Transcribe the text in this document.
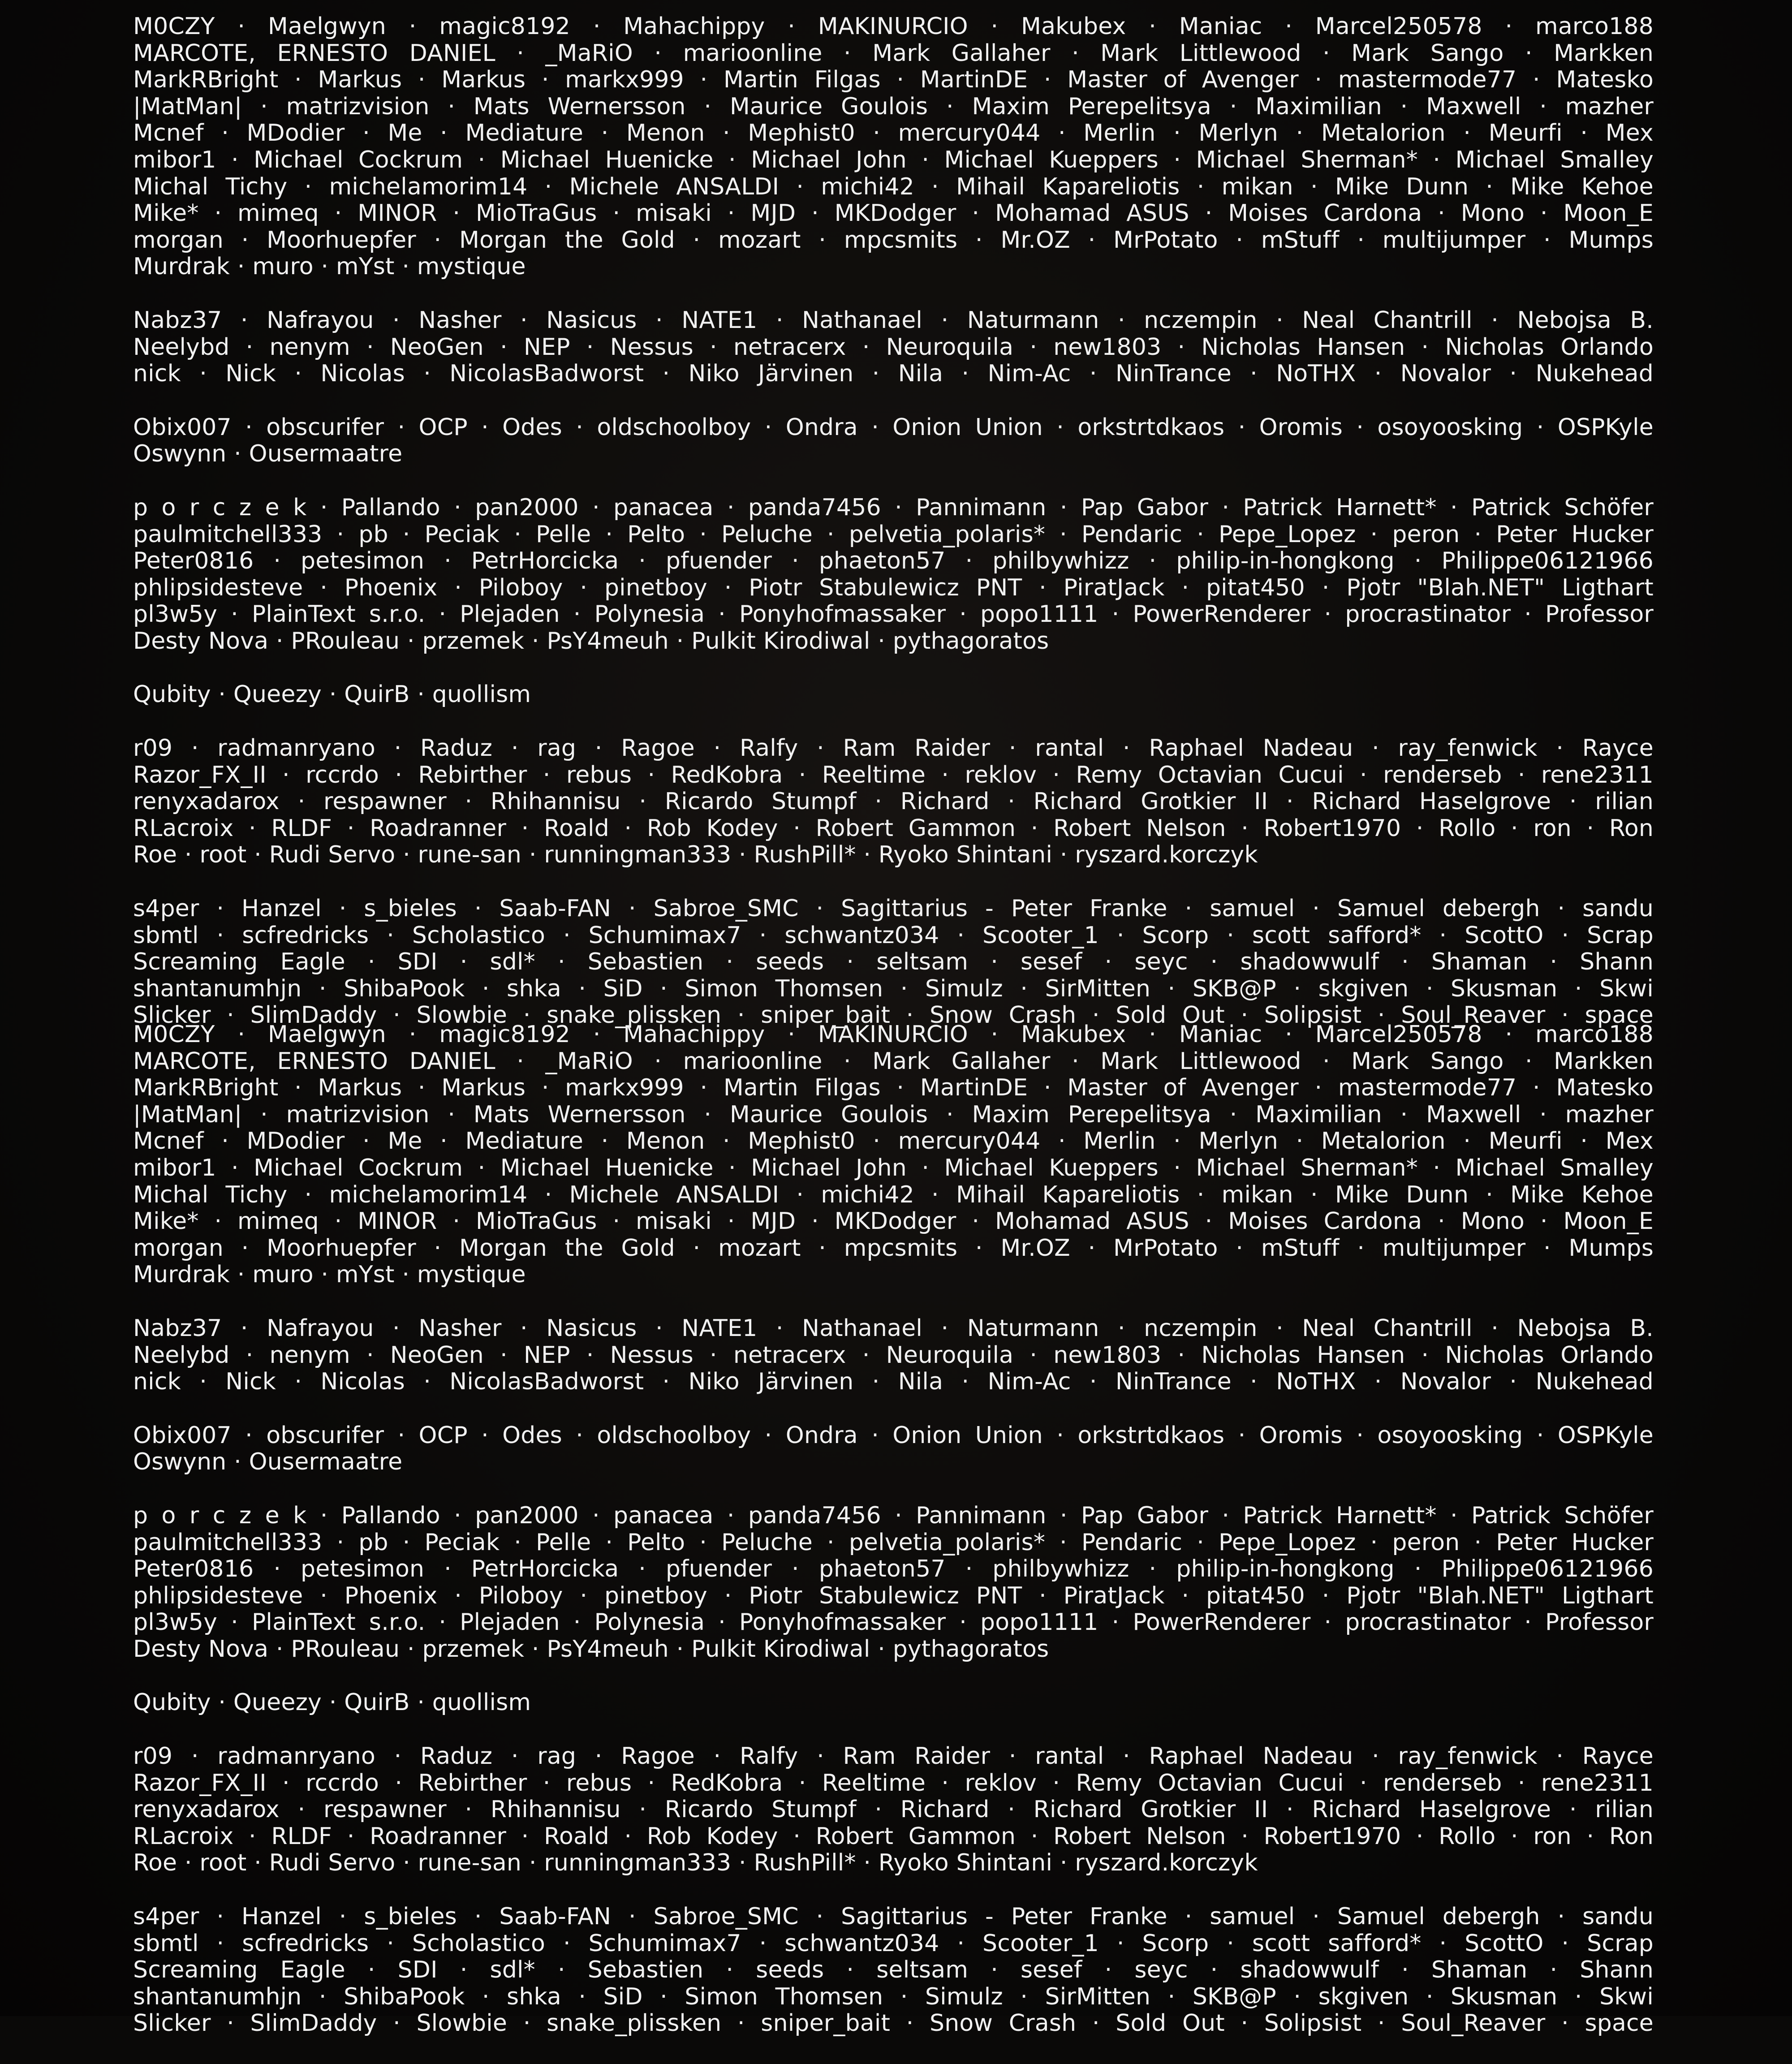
M0CZY · Maelgwyn · magic8192 · Mahachippy · MAKINURCIO · Makubex · Maniac · Marcel250578 · marco188
MARCOTE, ERNESTO DANIEL · _MaRiO · marioonline · Mark Gallaher · Mark Littlewood · Mark Sango · Markken
MarkRBright · Markus · Markus · markx999 · Martin Filgas · MartinDE · Master of Avenger · mastermode77 · Matesko
|MatMan| · matrizvision · Mats Wernersson · Maurice Goulois · Maxim Perepelitsya · Maximilian · Maxwell · mazher
Mcnef · MDodier · Me · Mediature · Menon · Mephist0 · mercury044 · Merlin · Merlyn · Metalorion · Meurfi · Mex
mibor1 · Michael Cockrum · Michael Huenicke · Michael John · Michael Kueppers · Michael Sherman* · Michael Smalley
Michal Tichy · michelamorim14 · Michele ANSALDI · michi42 · Mihail Kapareliotis · mikan · Mike Dunn · Mike Kehoe
Mike* · mimeq · MINOR · MioTraGus · misaki · MJD · MKDodger · Mohamad ASUS · Moises Cardona · Mono · Moon_E
morgan · Moorhuepfer · Morgan the Gold · mozart · mpcsmits · Mr.OZ · MrPotato · mStuff · multijumper · Mumps
Murdrak · muro · mYst · mystique
Nabz37 · Nafrayou · Nasher · Nasicus · NATE1 · Nathanael · Naturmann · nczempin · Neal Chantrill · Nebojsa B.
Neelybd · nenym · NeoGen · NEP · Nessus · netracerx · Neuroquila · new1803 · Nicholas Hansen · Nicholas Orlando
nick · Nick · Nicolas · NicolasBadworst · Niko Järvinen · Nila · Nim-Ac · NinTrance · NoTHX · Novalor · Nukehead
Obix007 · obscurifer · OCP · Odes · oldschoolboy · Ondra · Onion Union · orkstrtdkaos · Oromis · osoyoosking · OSPKyle
Oswynn · Ousermaatre
p o r c z e k · Pallando · pan2000 · panacea · panda7456 · Pannimann · Pap Gabor · Patrick Harnett* · Patrick Schöfer
paulmitchell333 · pb · Peciak · Pelle · Pelto · Peluche · pelvetia_polaris* · Pendaric · Pepe_Lopez · peron · Peter Hucker
Peter0816 · petesimon · PetrHorcicka · pfuender · phaeton57 · philbywhizz · philip-in-hongkong · Philippe06121966
phlipsidesteve · Phoenix · Piloboy · pinetboy · Piotr Stabulewicz PNT · PiratJack · pitat450 · Pjotr "Blah.NET" Ligthart
pl3w5y · PlainText s.r.o. · Plejaden · Polynesia · Ponyhofmassaker · popo1111 · PowerRenderer · procrastinator · Professor
Desty Nova · PRouleau · przemek · PsY4meuh · Pulkit Kirodiwal · pythagoratos
Qubity · Queezy · QuirB · quollism
r09 · radmanryano · Raduz · rag · Ragoe · Ralfy · Ram Raider · rantal · Raphael Nadeau · ray_fenwick · Rayce
Razor_FX_II · rccrdo · Rebirther · rebus · RedKobra · Reeltime · reklov · Remy Octavian Cucui · renderseb · rene2311
renyxadarox · respawner · Rhihannisu · Ricardo Stumpf · Richard · Richard Grotkier II · Richard Haselgrove · rilian
RLacroix · RLDF · Roadranner · Roald · Rob Kodey · Robert Gammon · Robert Nelson · Robert1970 · Rollo · ron · Ron
Roe · root · Rudi Servo · rune-san · runningman333 · RushPill* · Ryoko Shintani · ryszard.korczyk
s4per · Hanzel · s_bieles · Saab-FAN · Sabroe_SMC · Sagittarius - Peter Franke · samuel · Samuel debergh · sandu
sbmtl · scfredricks · Scholastico · Schumimax7 · schwantz034 · Scooter_1 · Scorp · scott safford* · ScottO · Scrap
Screaming Eagle · SDI · sdl* · Sebastien · seeds · seltsam · sesef · seyc · shadowwulf · Shaman · Shann
shantanumhjn · ShibaPook · shka · SiD · Simon Thomsen · Simulz · SirMitten · SKB@P · skgiven · Skusman · Skwi
Slicker · SlimDaddy · Slowbie · snake_plissken · sniper_bait · Snow Crash · Sold Out · Solipsist · Soul_Reaver · space
M0CZY · Maelgwyn · magic8192 · Mahachippy · MAKINURCIO · Makubex · Maniac · Marcel250578 · marco188
MARCOTE, ERNESTO DANIEL · _MaRiO · marioonline · Mark Gallaher · Mark Littlewood · Mark Sango · Markken
MarkRBright · Markus · Markus · markx999 · Martin Filgas · MartinDE · Master of Avenger · mastermode77 · Matesko
|MatMan| · matrizvision · Mats Wernersson · Maurice Goulois · Maxim Perepelitsya · Maximilian · Maxwell · mazher
Mcnef · MDodier · Me · Mediature · Menon · Mephist0 · mercury044 · Merlin · Merlyn · Metalorion · Meurfi · Mex
mibor1 · Michael Cockrum · Michael Huenicke · Michael John · Michael Kueppers · Michael Sherman* · Michael Smalley
Michal Tichy · michelamorim14 · Michele ANSALDI · michi42 · Mihail Kapareliotis · mikan · Mike Dunn · Mike Kehoe
Mike* · mimeq · MINOR · MioTraGus · misaki · MJD · MKDodger · Mohamad ASUS · Moises Cardona · Mono · Moon_E
morgan · Moorhuepfer · Morgan the Gold · mozart · mpcsmits · Mr.OZ · MrPotato · mStuff · multijumper · Mumps
Murdrak · muro · mYst · mystique
Nabz37 · Nafrayou · Nasher · Nasicus · NATE1 · Nathanael · Naturmann · nczempin · Neal Chantrill · Nebojsa B.
Neelybd · nenym · NeoGen · NEP · Nessus · netracerx · Neuroquila · new1803 · Nicholas Hansen · Nicholas Orlando
nick · Nick · Nicolas · NicolasBadworst · Niko Järvinen · Nila · Nim-Ac · NinTrance · NoTHX · Novalor · Nukehead
Obix007 · obscurifer · OCP · Odes · oldschoolboy · Ondra · Onion Union · orkstrtdkaos · Oromis · osoyoosking · OSPKyle
Oswynn · Ousermaatre
p o r c z e k · Pallando · pan2000 · panacea · panda7456 · Pannimann · Pap Gabor · Patrick Harnett* · Patrick Schöfer
paulmitchell333 · pb · Peciak · Pelle · Pelto · Peluche · pelvetia_polaris* · Pendaric · Pepe_Lopez · peron · Peter Hucker
Peter0816 · petesimon · PetrHorcicka · pfuender · phaeton57 · philbywhizz · philip-in-hongkong · Philippe06121966
phlipsidesteve · Phoenix · Piloboy · pinetboy · Piotr Stabulewicz PNT · PiratJack · pitat450 · Pjotr "Blah.NET" Ligthart
pl3w5y · PlainText s.r.o. · Plejaden · Polynesia · Ponyhofmassaker · popo1111 · PowerRenderer · procrastinator · Professor
Desty Nova · PRouleau · przemek · PsY4meuh · Pulkit Kirodiwal · pythagoratos
Qubity · Queezy · QuirB · quollism
r09 · radmanryano · Raduz · rag · Ragoe · Ralfy · Ram Raider · rantal · Raphael Nadeau · ray_fenwick · Rayce
Razor_FX_II · rccrdo · Rebirther · rebus · RedKobra · Reeltime · reklov · Remy Octavian Cucui · renderseb · rene2311
renyxadarox · respawner · Rhihannisu · Ricardo Stumpf · Richard · Richard Grotkier II · Richard Haselgrove · rilian
RLacroix · RLDF · Roadranner · Roald · Rob Kodey · Robert Gammon · Robert Nelson · Robert1970 · Rollo · ron · Ron
Roe · root · Rudi Servo · rune-san · runningman333 · RushPill* · Ryoko Shintani · ryszard.korczyk
s4per · Hanzel · s_bieles · Saab-FAN · Sabroe_SMC · Sagittarius - Peter Franke · samuel · Samuel debergh · sandu
sbmtl · scfredricks · Scholastico · Schumimax7 · schwantz034 · Scooter_1 · Scorp · scott safford* · ScottO · Scrap
Screaming Eagle · SDI · sdl* · Sebastien · seeds · seltsam · sesef · seyc · shadowwulf · Shaman · Shann
shantanumhjn · ShibaPook · shka · SiD · Simon Thomsen · Simulz · SirMitten · SKB@P · skgiven · Skusman · Skwi
Slicker · SlimDaddy · Slowbie · snake_plissken · sniper_bait · Snow Crash · Sold Out · Solipsist · Soul_Reaver · space
